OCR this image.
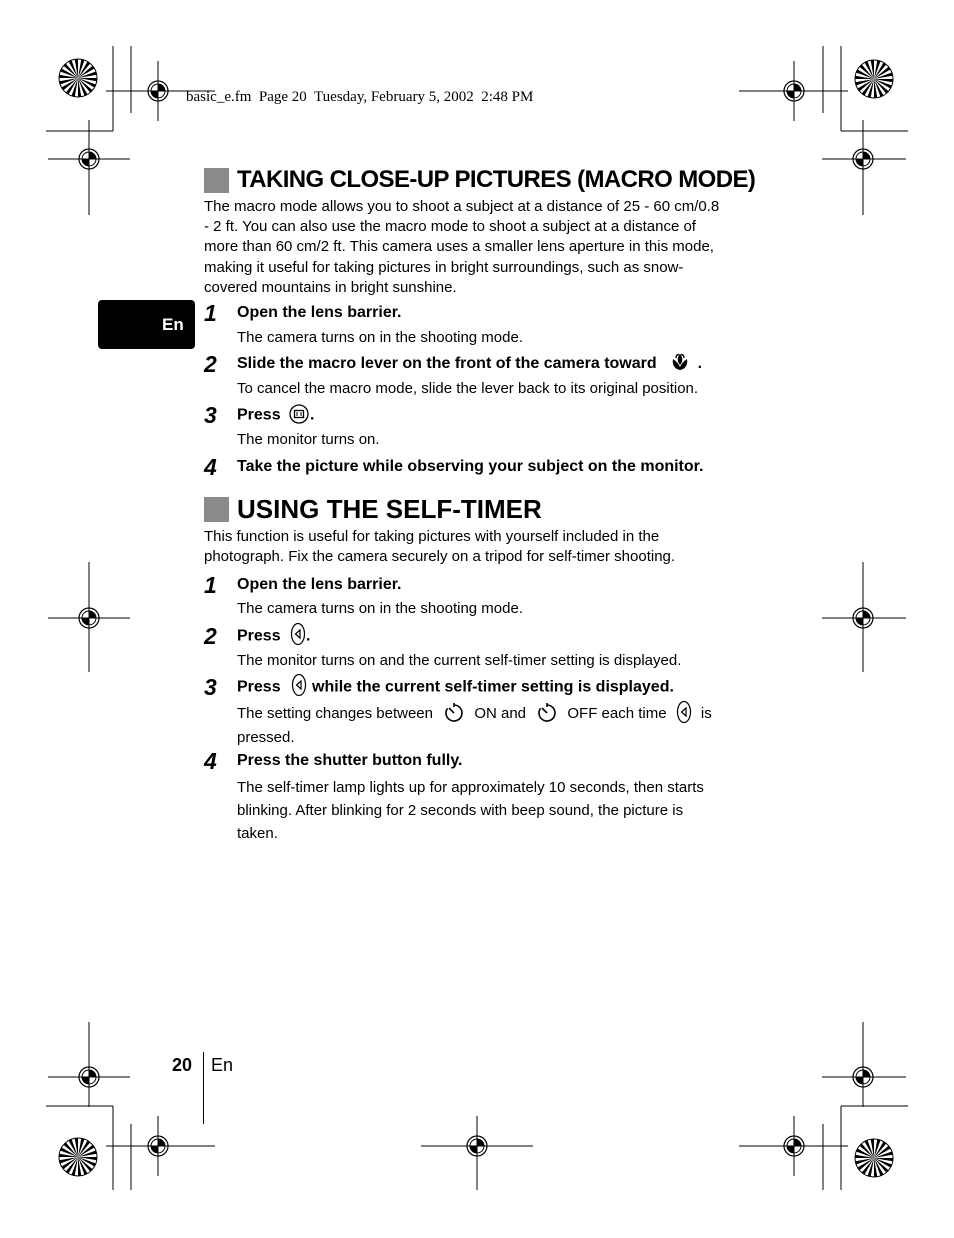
basic_e.fm  Page 20  Tuesday, February 5, 2002  2:48 PM
En
TAKING CLOSE-UP PICTURES (MACRO MODE)
The macro mode allows you to shoot a subject at a distance of 25 - 60 cm/0.8
- 2 ft. You can also use the macro mode to shoot a subject at a distance of
more than 60 cm/2 ft. This camera uses a smaller lens aperture in this mode,
making it useful for taking pictures in bright surroundings, such as snow-
covered mountains in bright sunshine.
1 Open the lens barrier.
The camera turns on in the shooting mode.
2 Slide the macro lever on the front of the camera toward	.
To cancel the macro mode, slide the lever back to its original position.
3 Press .
The monitor turns on.
4 Take the picture while observing your subject on the monitor.
USING THE SELF-TIMER
This function is useful for taking pictures with yourself included in the
photograph. Fix the camera securely on a tripod for self-timer shooting.
1 Open the lens barrier.
The camera turns on in the shooting mode.
2 Press .
The monitor turns on and the current self-timer setting is displayed.
3 Press while the current self-timer setting is displayed.
The setting changes between	ON and	OFF each time is
pressed.
4 Press the shutter button fully.
The self-timer lamp lights up for approximately 10 seconds, then starts
blinking. After blinking for 2 seconds with beep sound, the picture is
taken.
20 En
